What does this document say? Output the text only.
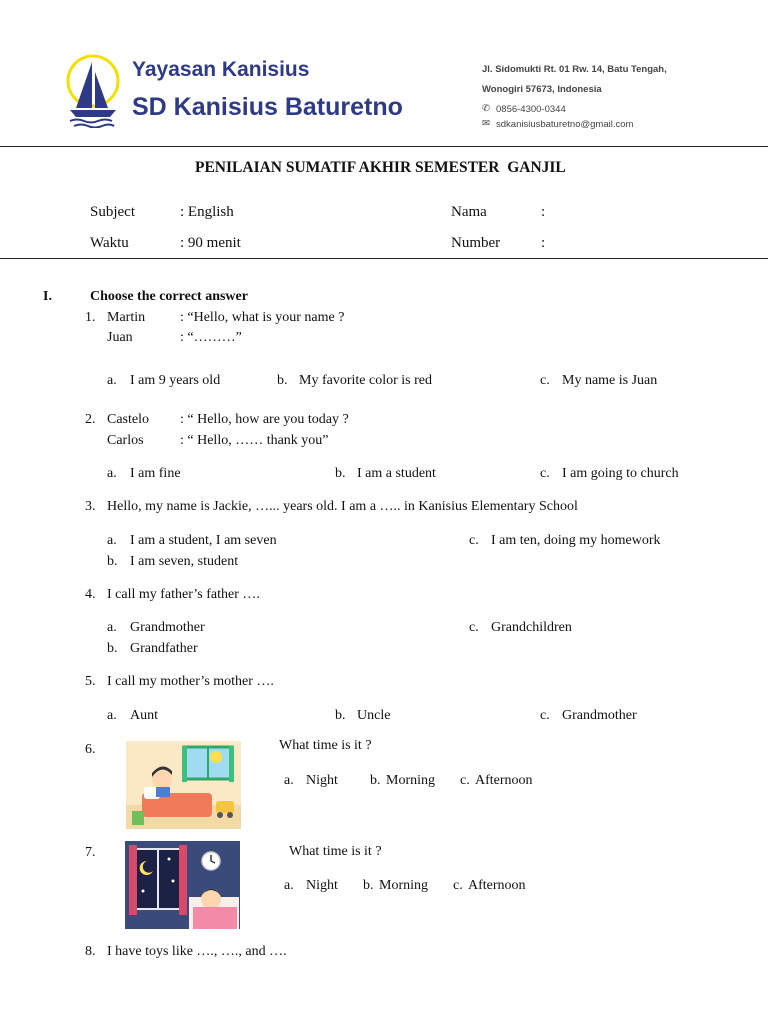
Yayasan Kanisius
SD Kanisius Baturetno
Jl. Sidomukti Rt. 01 Rw. 14, Batu Tengah,
Wonogiri 57673, Indonesia
✆ 0856-4300-0344
✉ sdkanisiusbaturetno@gmail.com
PENILAIAN SUMATIF AKHIR SEMESTER  GANJIL
Subject	: English	Nama	:
Waktu	: 90 menit	Number	:
I.	Choose the correct answer
1. Martin : “Hello, what is your name ?
Juan	: “………”
a. I am 9 years old	b. My favorite color is red	c. My name is Juan
2. Castelo : “ Hello, how are you today ?
Carlos	: “ Hello, …… thank you”
a. I am fine	b. I am a student	c. I am going to church
3. Hello, my name is Jackie, …... years old. I am a ….. in Kanisius Elementary School
a. I am a student, I am seven
b. I am seven, student
c. I am ten, doing my homework
4. I call my father’s father ….
a. Grandmother
b. Grandfather
c. Grandchildren
5. I call my mother’s mother ….
a. Aunt	b. Uncle	c. Grandmother
6.	What time is it ?
a. Night b. Morning c. Afternoon
7.	What time is it ?
a. Night b. Morning c. Afternoon
8. I have toys like …., …., and ….
